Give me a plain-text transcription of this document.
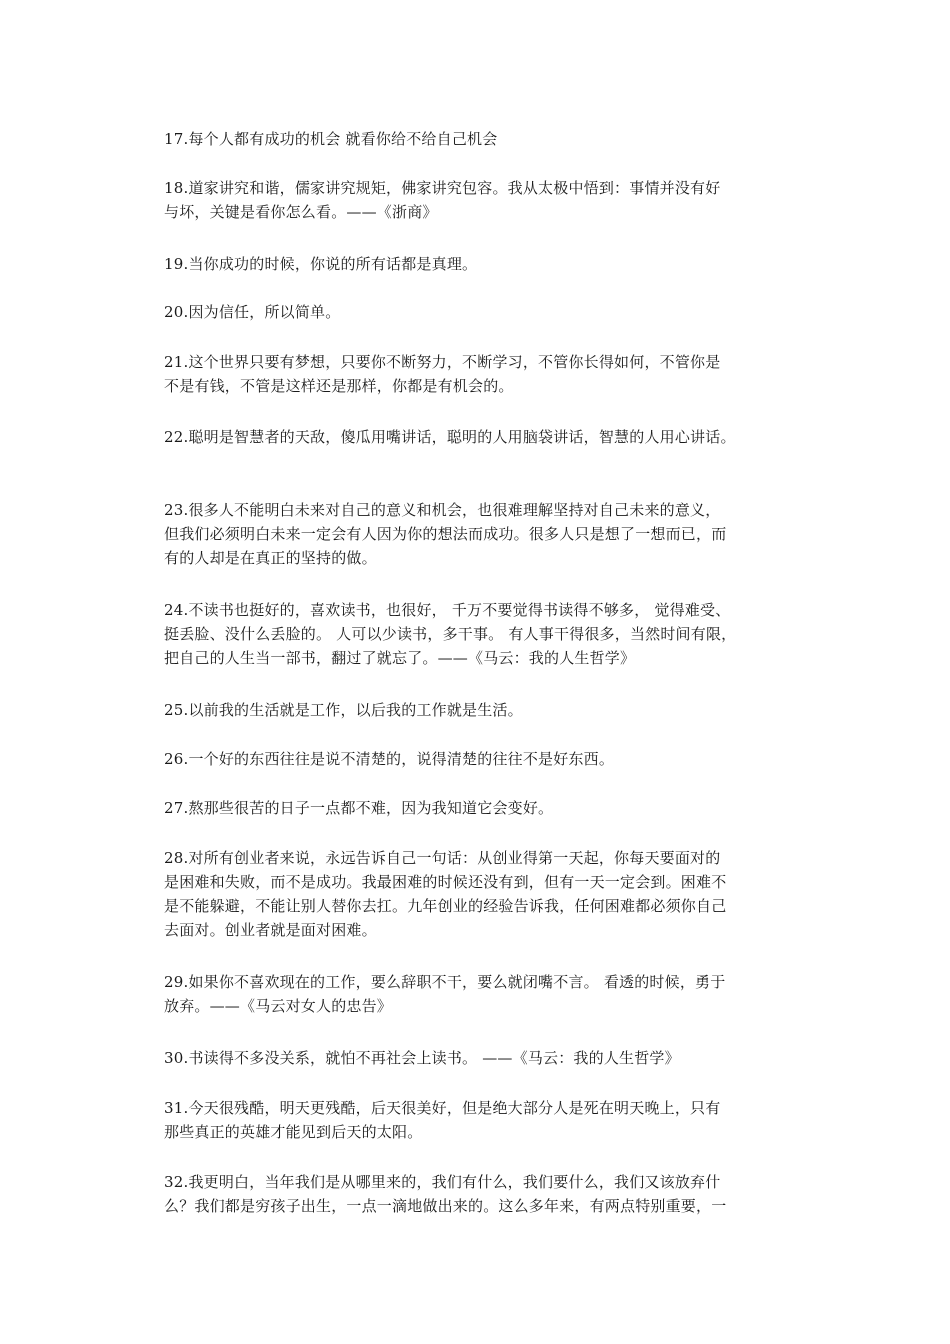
17.每个人都有成功的机会 就看你给不给自己机会

18.道家讲究和谐，儒家讲究规矩，佛家讲究包容。我从太极中悟到：事情并没有好
与坏，关键是看你怎么看。——《浙商》

19.当你成功的时候，你说的所有话都是真理。

20.因为信任，所以简单。

21.这个世界只要有梦想，只要你不断努力，不断学习，不管你长得如何，不管你是
不是有钱，不管是这样还是那样，你都是有机会的。

22.聪明是智慧者的天敌，傻瓜用嘴讲话，聪明的人用脑袋讲话，智慧的人用心讲话。

23.很多人不能明白未来对自己的意义和机会，也很难理解坚持对自己未来的意义，
但我们必须明白未来一定会有人因为你的想法而成功。很多人只是想了一想而已，而
有的人却是在真正的坚持的做。

24.不读书也挺好的，喜欢读书，也很好， 千万不要觉得书读得不够多， 觉得难受、
挺丢脸、没什么丢脸的。 人可以少读书，多干事。 有人事干得很多，当然时间有限，
把自己的人生当一部书，翻过了就忘了。——《马云：我的人生哲学》

25.以前我的生活就是工作，以后我的工作就是生活。

26.一个好的东西往往是说不清楚的，说得清楚的往往不是好东西。

27.熬那些很苦的日子一点都不难，因为我知道它会变好。

28.对所有创业者来说，永远告诉自己一句话：从创业得第一天起，你每天要面对的
是困难和失败，而不是成功。我最困难的时候还没有到，但有一天一定会到。困难不
是不能躲避，不能让别人替你去扛。九年创业的经验告诉我，任何困难都必须你自己
去面对。创业者就是面对困难。

29.如果你不喜欢现在的工作，要么辞职不干，要么就闭嘴不言。 看透的时候，勇于
放弃。——《马云对女人的忠告》

30.书读得不多没关系，就怕不再社会上读书。 ——《马云：我的人生哲学》

31.今天很残酷，明天更残酷，后天很美好，但是绝大部分人是死在明天晚上，只有
那些真正的英雄才能见到后天的太阳。

32.我更明白，当年我们是从哪里来的，我们有什么，我们要什么，我们又该放弃什
么？我们都是穷孩子出生，一点一滴地做出来的。这么多年来，有两点特别重要，一
